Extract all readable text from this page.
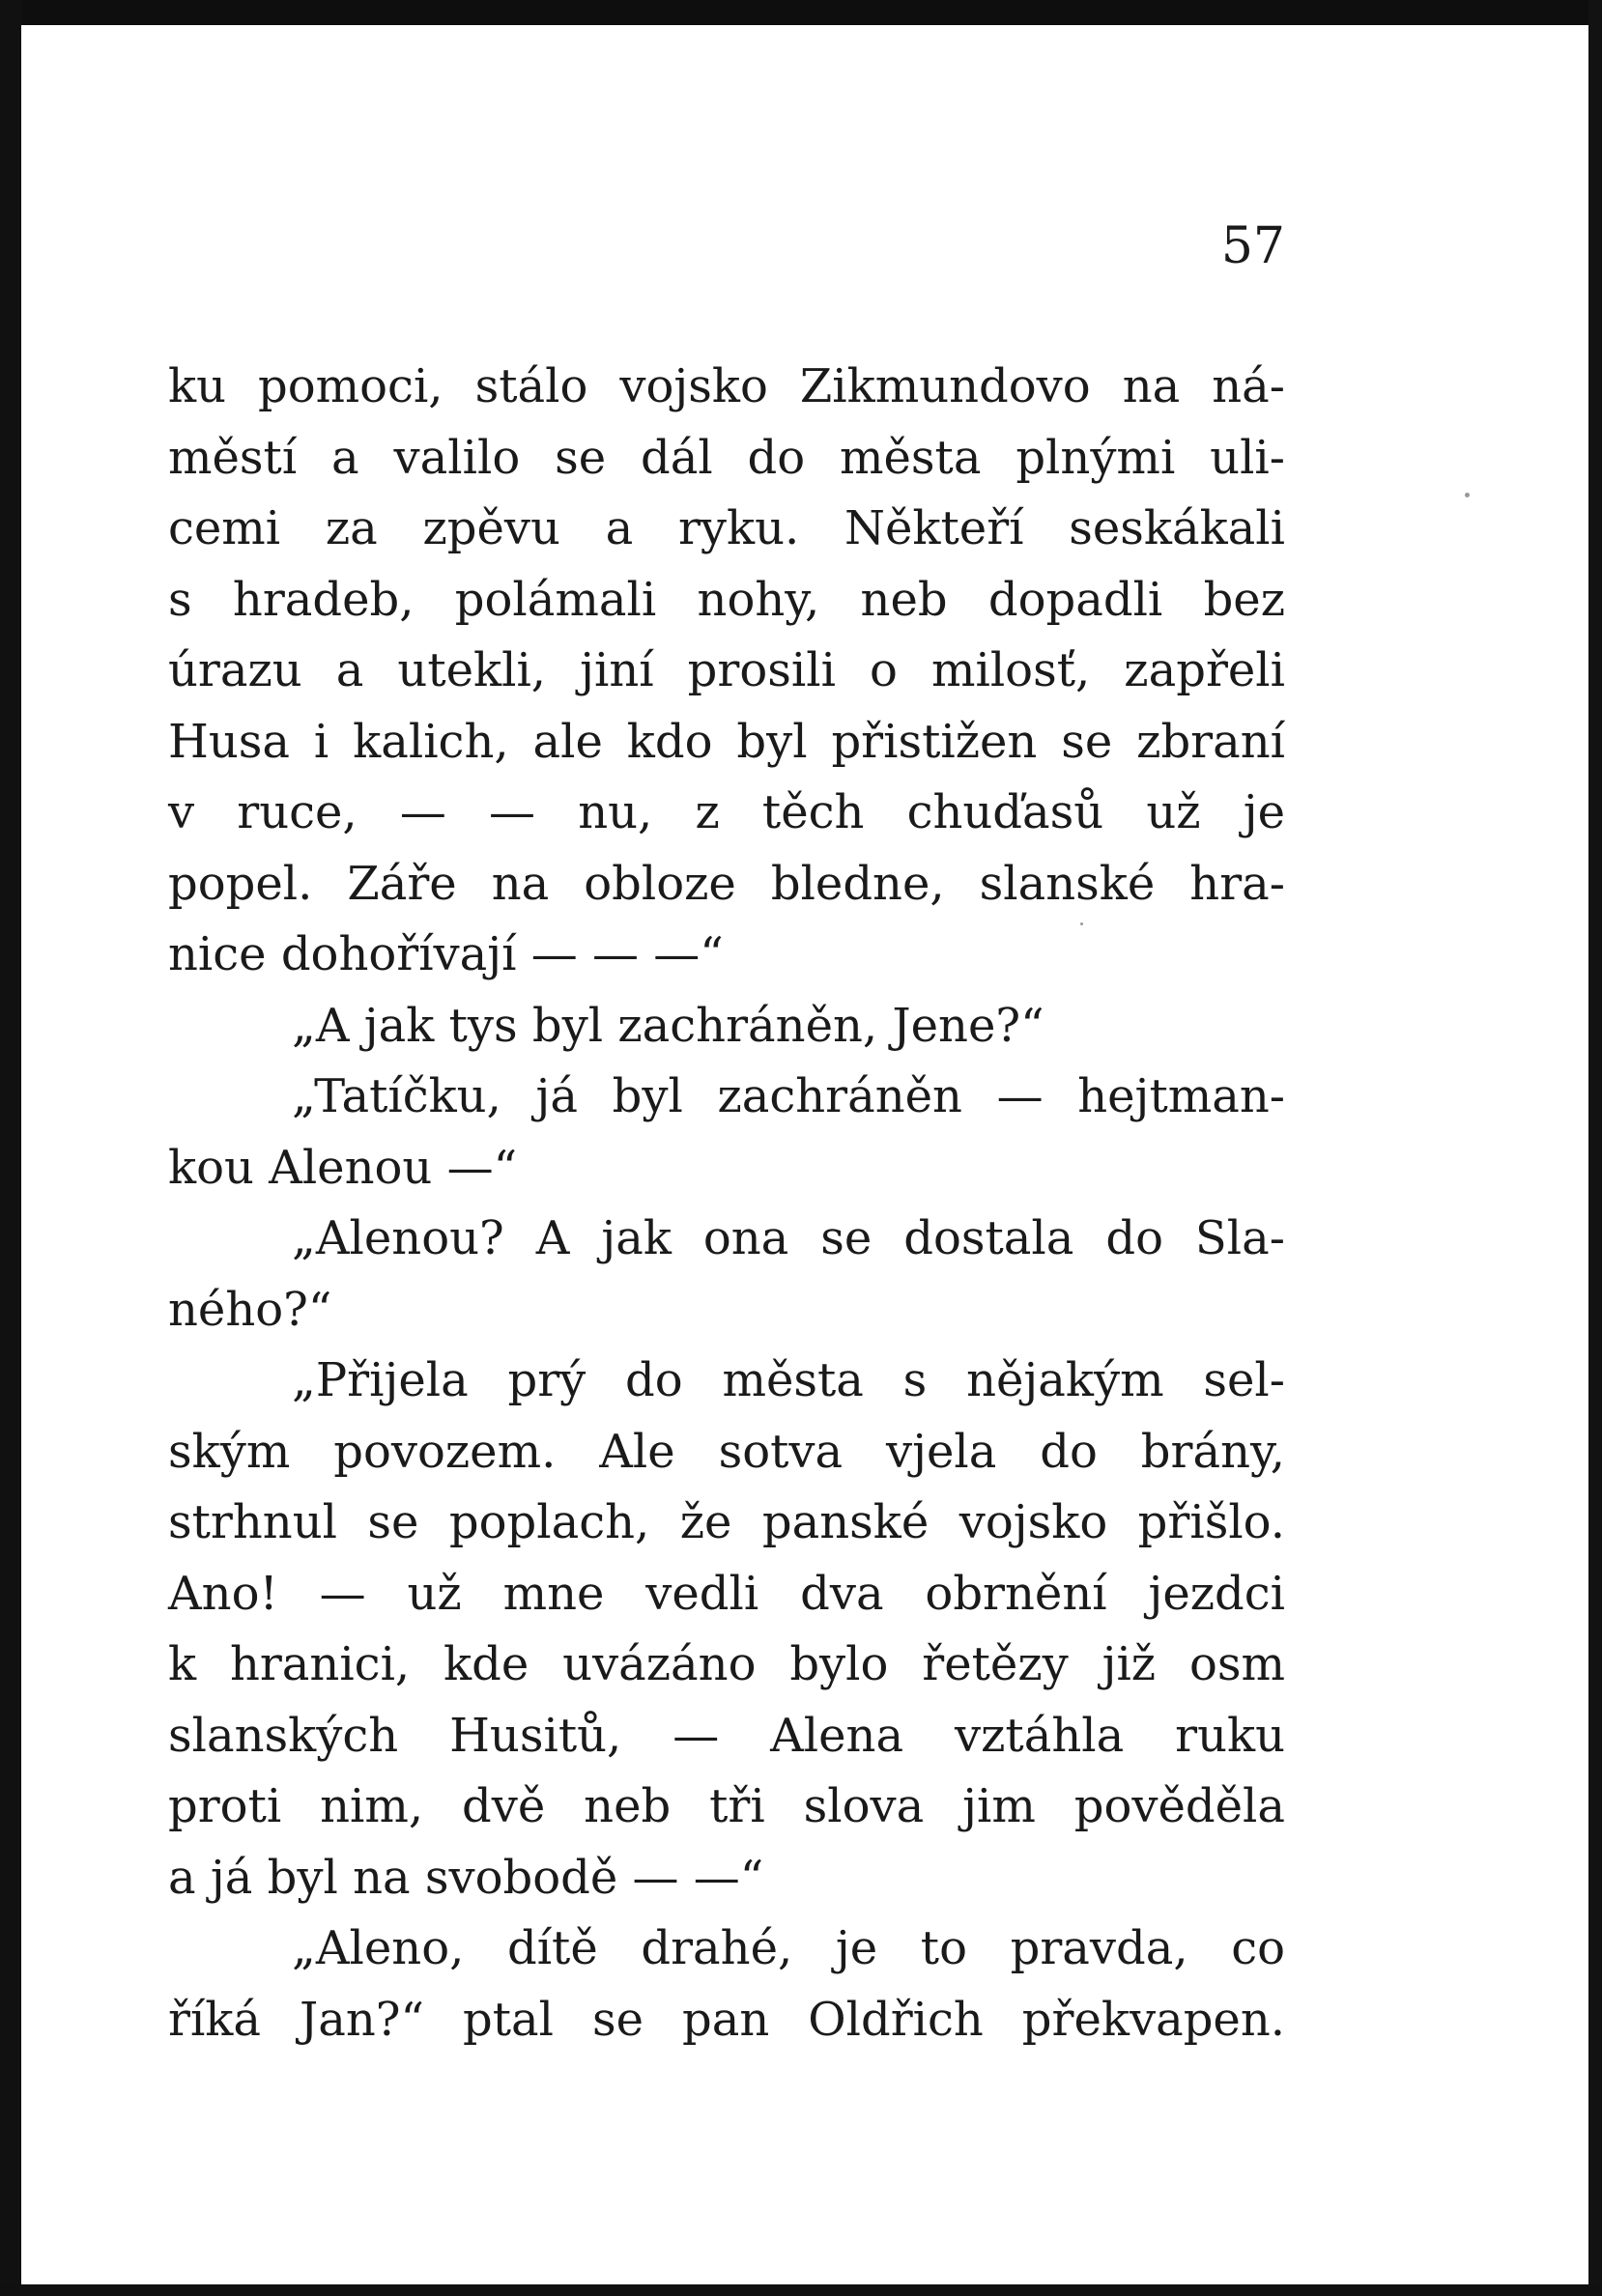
57
ku pomoci, stálo vojsko Zikmundovo na ná-
městí a valilo se dál do města plnými uli-
cemi za zpěvu a ryku. Někteří seskákali
s hradeb, polámali nohy, neb dopadli bez
úrazu a utekli, jiní prosili o milosť, zapřeli
Husa i kalich, ale kdo byl přistižen se zbraní
v ruce, — — nu, z těch chuďasů už je
popel. Záře na obloze bledne, slanské hra-
nice dohořívají — — —“
„A jak tys byl zachráněn, Jene?“
„Tatíčku, já byl zachráněn — hejtman-
kou Alenou —“
„Alenou? A jak ona se dostala do Sla-
ného?“
„Přijela prý do města s nějakým sel-
ským povozem. Ale sotva vjela do brány,
strhnul se poplach, že panské vojsko přišlo.
Ano! — už mne vedli dva obrnění jezdci
k hranici, kde uvázáno bylo řetězy již osm
slanských Husitů, — Alena vztáhla ruku
proti nim, dvě neb tři slova jim pověděla
a já byl na svobodě — —“
„Aleno, dítě drahé, je to pravda, co
říká Jan?“ ptal se pan Oldřich překvapen.
